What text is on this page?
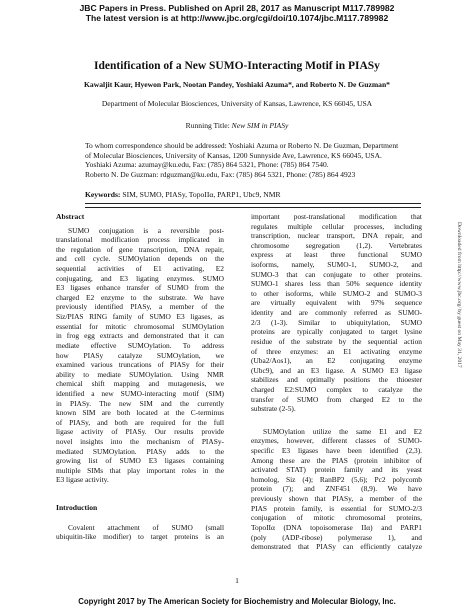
JBC Papers in Press. Published on April 28, 2017 as Manuscript M117.789982
The latest version is at http://www.jbc.org/cgi/doi/10.1074/jbc.M117.789982
Identification of a New SUMO-Interacting Motif in PIASy
Kawaljit Kaur, Hyewon Park, Nootan Pandey, Yoshiaki Azuma*, and Roberto N. De Guzman*
Department of Molecular Biosciences, University of Kansas, Lawrence, KS 66045, USA
Running Title: New SIM in PIASy
To whom correspondence should be addressed: Yoshiaki Azuma or Roberto N. De Guzman, Department
of Molecular Biosciences, University of Kansas, 1200 Sunnyside Ave, Lawrence, KS 66045, USA.
Yoshiaki Azuma: azumay@ku.edu, Fax: (785) 864 5321, Phone: (785) 864 7540.
Roberto N. De Guzman: rdguzman@ku.edu, Fax: (785) 864 5321, Phone: (785) 864 4923
Keywords: SIM, SUMO, PIASy, TopoIIα, PARP1, Ubc9, NMR
Abstract
SUMO conjugation is a reversible post-
translational modification process implicated in
the regulation of gene transcription, DNA repair,
and cell cycle. SUMOylation depends on the
sequential activities of E1 activating, E2
conjugating, and E3 ligating enzymes. SUMO
E3 ligases enhance transfer of SUMO from the
charged E2 enzyme to the substrate. We have
previously identified PIASy, a member of the
Siz/PIAS RING family of SUMO E3 ligases, as
essential for mitotic chromosomal SUMOylation
in frog egg extracts and demonstrated that it can
mediate effective SUMOylation. To address
how PIASy catalyze SUMOylation, we
examined various truncations of PIASy for their
ability to mediate SUMOylation. Using NMR
chemical shift mapping and mutagenesis, we
identified a new SUMO-interacting motif (SIM)
in PIASy. The new SIM and the currently
known SIM are both located at the C-terminus
of PIASy, and both are required for the full
ligase activity of PIASy. Our results provide
novel insights into the mechanism of PIASy-
mediated SUMOylation. PIASy adds to the
growing list of SUMO E3 ligases containing
multiple SIMs that play important roles in the
E3 ligase activity.
Introduction
Covalent attachment of SUMO (small
ubiquitin-like modifier) to target proteins is an
important post-translational modification that
regulates multiple cellular processes, including
transcription, nuclear transport, DNA repair, and
chromosome segregation (1,2). Vertebrates
express at least three functional SUMO
isoforms, namely, SUMO-1, SUMO-2, and
SUMO-3 that can conjugate to other proteins.
SUMO-1 shares less than 50% sequence identity
to other isoforms, while SUMO-2 and SUMO-3
are virtually equivalent with 97% sequence
identity and are commonly referred as SUMO-
2/3 (1-3). Similar to ubiquitylation, SUMO
proteins are typically conjugated to target lysine
residue of the substrate by the sequential action
of three enzymes: an E1 activating enzyme
(Uba2/Aos1), an E2 conjugating enzyme
(Ubc9), and an E3 ligase. A SUMO E3 ligase
stabilizes and optimally positions the thioester
charged E2:SUMO complex to catalyze the
transfer of SUMO from charged E2 to the
substrate (2-5).
SUMOylation utilize the same E1 and E2
enzymes, however, different classes of SUMO-
specific E3 ligases have been identified (2,3).
Among these are the PIAS (protein inhibitor of
activated STAT) protein family and its yeast
homolog, Siz (4); RanBP2 (5,6); Pc2 polycomb
protein (7); and ZNF451 (8,9). We have
previously shown that PIASy, a member of the
PIAS protein family, is essential for SUMO-2/3
conjugation of mitotic chromosomal proteins,
TopoIIα (DNA topoisomerase IIα) and PARP1
(poly (ADP-ribose) polymerase 1), and
demonstrated that PIASy can efficiently catalyze
Downloaded from http://www.jbc.org/ by guest on May 31, 2017
1
Copyright 2017 by The American Society for Biochemistry and Molecular Biology, Inc.
